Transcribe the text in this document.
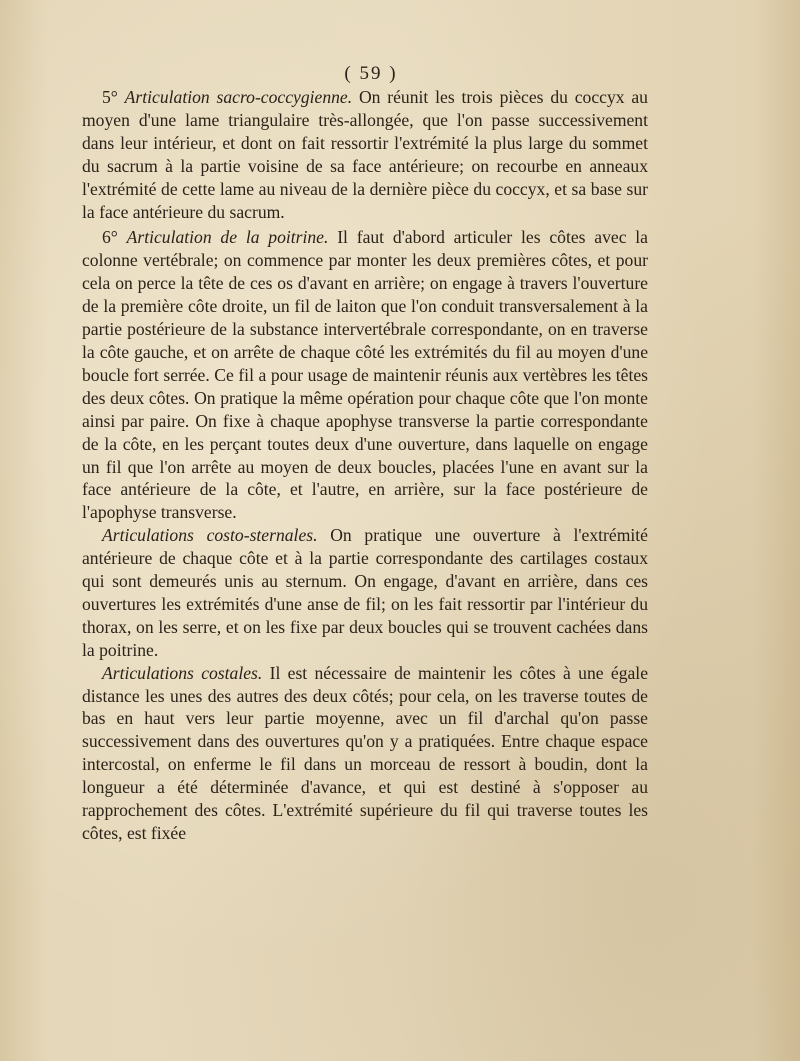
( 59 )

5° Articulation sacro-coccygienne. On réunit les trois pièces du coccyx au moyen d'une lame triangulaire très-allongée, que l'on passe successivement dans leur intérieur, et dont on fait ressortir l'extrémité la plus large du sommet du sacrum à la partie voisine de sa face antérieure; on recourbe en anneaux l'extrémité de cette lame au niveau de la dernière pièce du coccyx, et sa base sur la face antérieure du sacrum.

6° Articulation de la poitrine. Il faut d'abord articuler les côtes avec la colonne vertébrale; on commence par monter les deux premières côtes, et pour cela on perce la tête de ces os d'avant en arrière; on engage à travers l'ouverture de la première côte droite, un fil de laiton que l'on conduit transversalement à la partie postérieure de la substance intervertébrale correspondante, on en traverse la côte gauche, et on arrête de chaque côté les extrémités du fil au moyen d'une boucle fort serrée. Ce fil a pour usage de maintenir réunis aux vertèbres les têtes des deux côtes. On pratique la même opération pour chaque côte que l'on monte ainsi par paire. On fixe à chaque apophyse transverse la partie correspondante de la côte, en les perçant toutes deux d'une ouverture, dans laquelle on engage un fil que l'on arrête au moyen de deux boucles, placées l'une en avant sur la face antérieure de la côte, et l'autre, en arrière, sur la face postérieure de l'apophyse transverse.

Articulations costo-sternales. On pratique une ouverture à l'extrémité antérieure de chaque côte et à la partie correspondante des cartilages costaux qui sont demeurés unis au sternum. On engage, d'avant en arrière, dans ces ouvertures les extrémités d'une anse de fil; on les fait ressortir par l'intérieur du thorax, on les serre, et on les fixe par deux boucles qui se trouvent cachées dans la poitrine.

Articulations costales. Il est nécessaire de maintenir les côtes à une égale distance les unes des autres des deux côtés; pour cela, on les traverse toutes de bas en haut vers leur partie moyenne, avec un fil d'archal qu'on passe successivement dans des ouvertures qu'on y a pratiquées. Entre chaque espace intercostal, on enferme le fil dans un morceau de ressort à boudin, dont la longueur a été déterminée d'avance, et qui est destiné à s'opposer au rapprochement des côtes. L'extrémité supérieure du fil qui traverse toutes les côtes, est fixée
